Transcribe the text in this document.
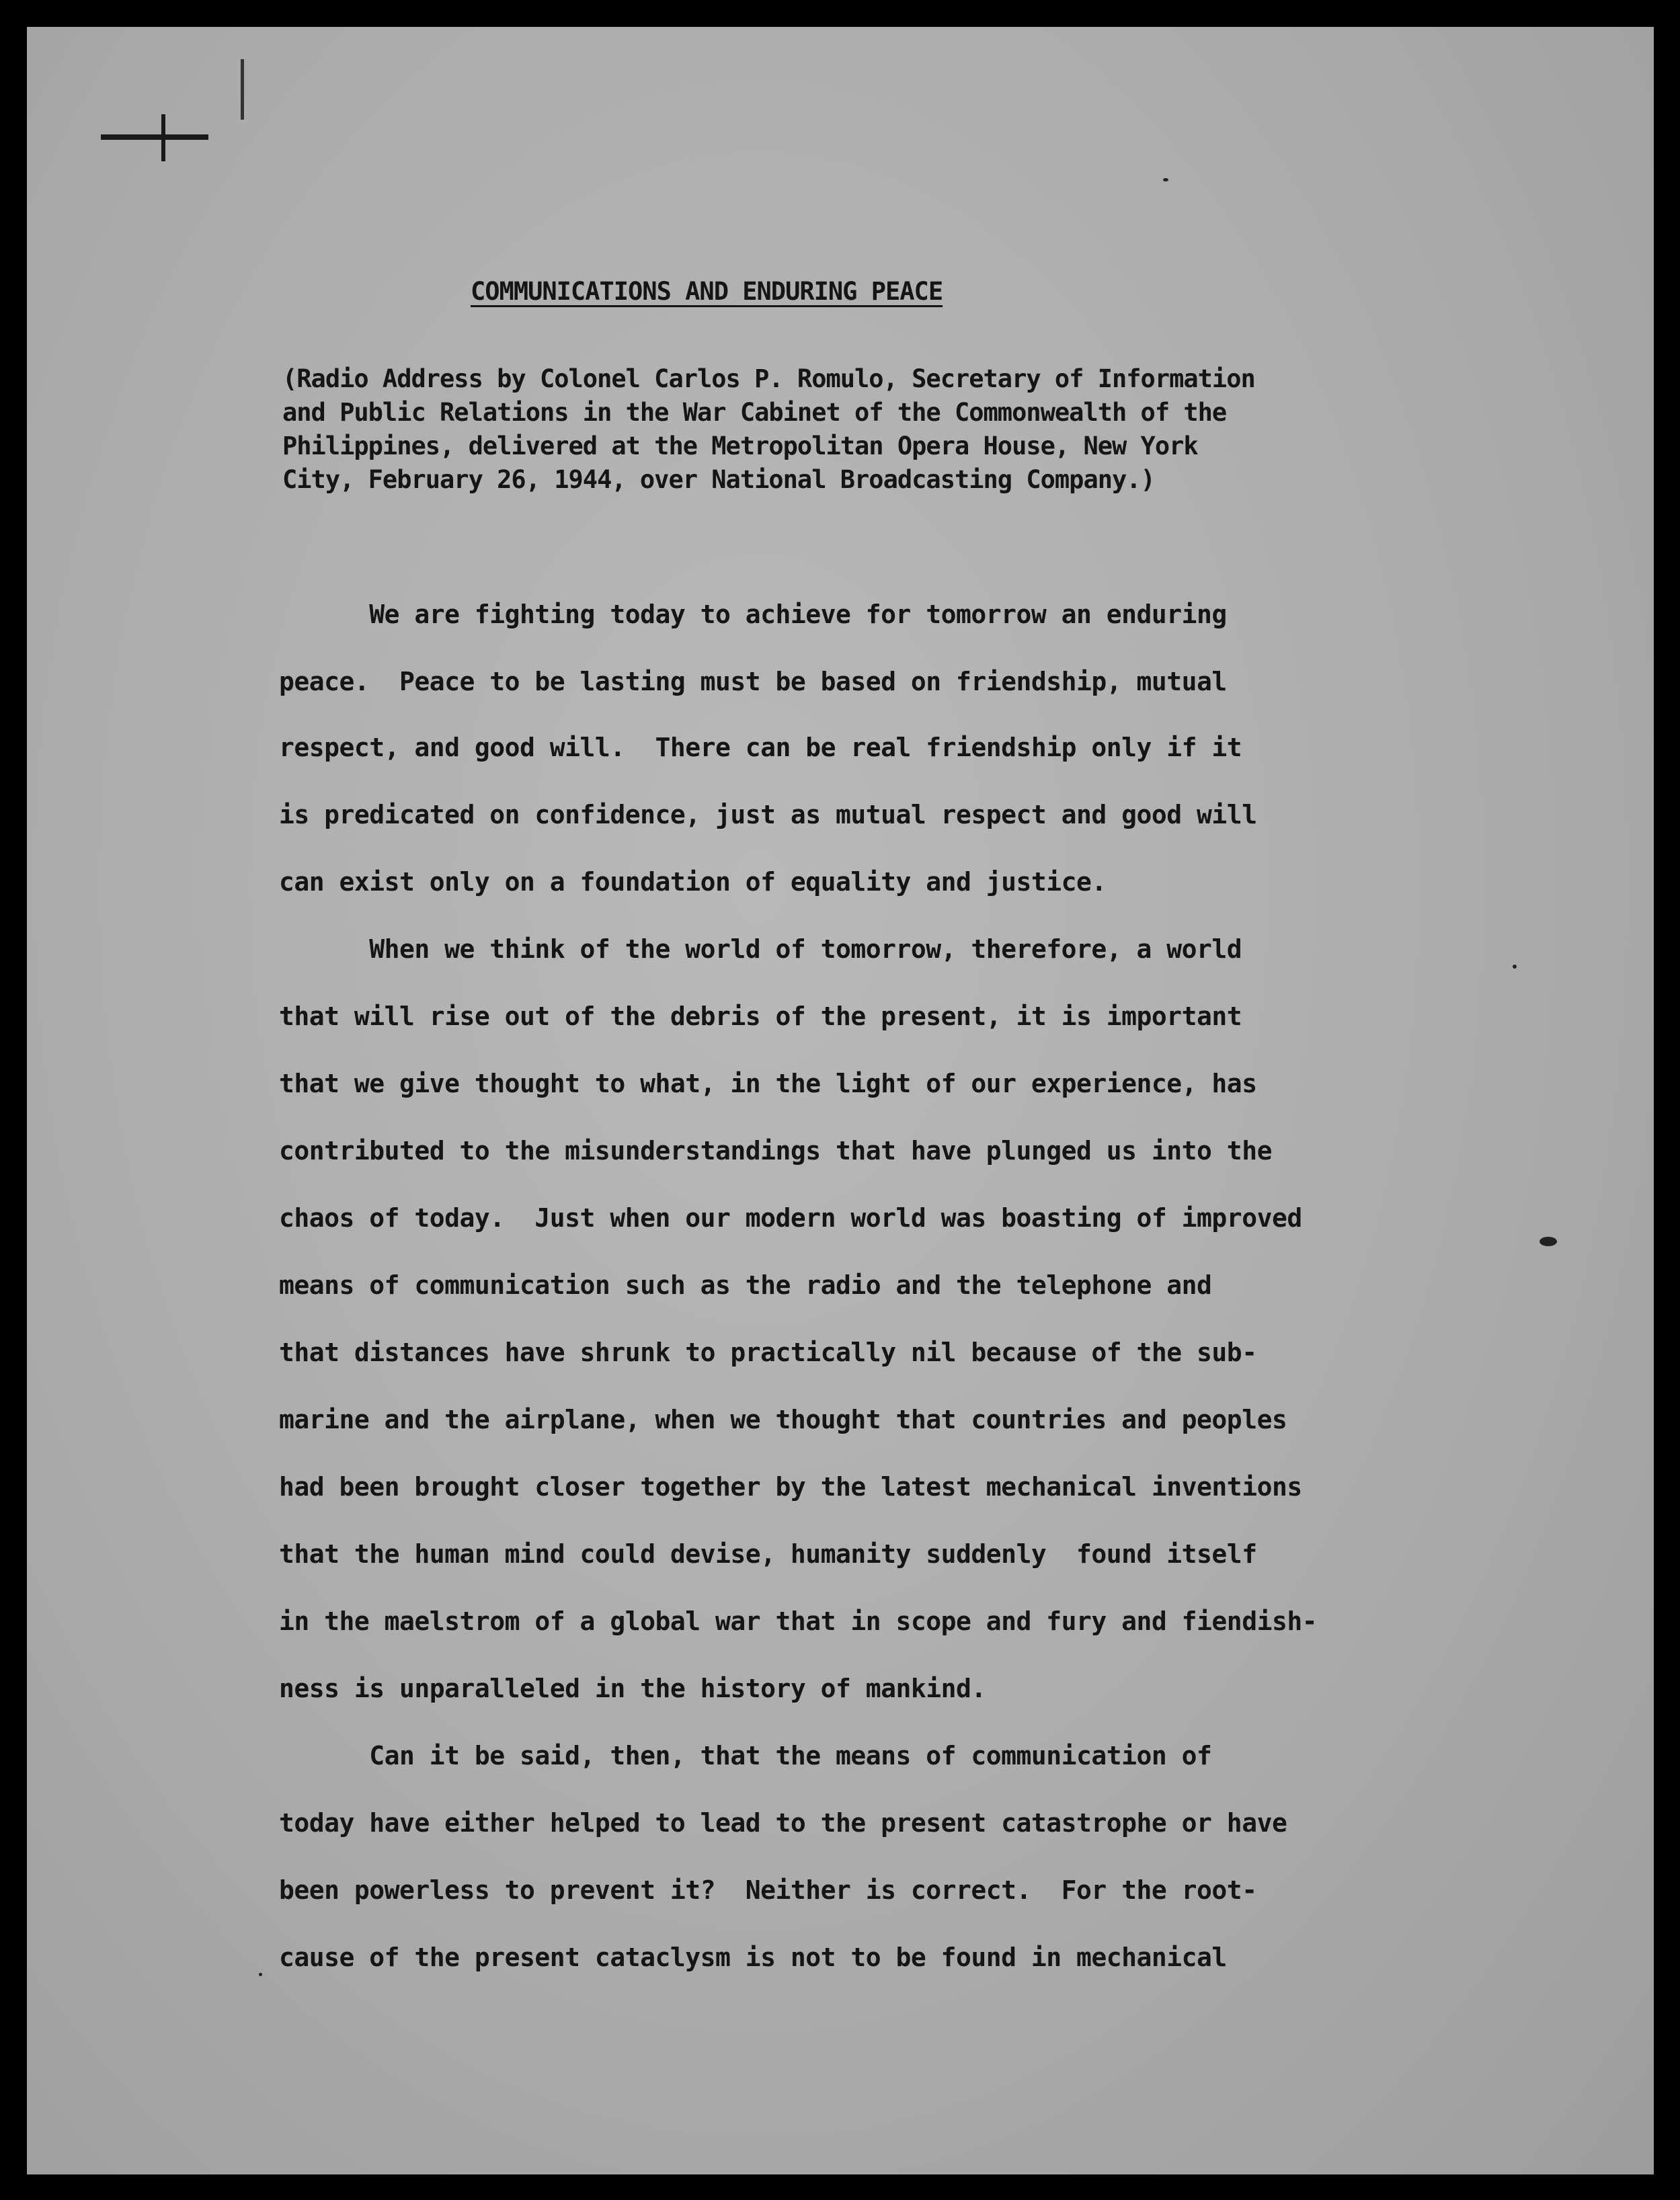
COMMUNICATIONS AND ENDURING PEACE
(Radio Address by Colonel Carlos P. Romulo, Secretary of Information
and Public Relations in the War Cabinet of the Commonwealth of the
Philippines, delivered at the Metropolitan Opera House, New York
City, February 26, 1944, over National Broadcasting Company.)
We are fighting today to achieve for tomorrow an enduring
peace.  Peace to be lasting must be based on friendship, mutual
respect, and good will.  There can be real friendship only if it
is predicated on confidence, just as mutual respect and good will
can exist only on a foundation of equality and justice.
When we think of the world of tomorrow, therefore, a world
that will rise out of the debris of the present, it is important
that we give thought to what, in the light of our experience, has
contributed to the misunderstandings that have plunged us into the
chaos of today.  Just when our modern world was boasting of improved
means of communication such as the radio and the telephone and
that distances have shrunk to practically nil because of the sub-
marine and the airplane, when we thought that countries and peoples
had been brought closer together by the latest mechanical inventions
that the human mind could devise, humanity suddenly  found itself
in the maelstrom of a global war that in scope and fury and fiendish-
ness is unparalleled in the history of mankind.
Can it be said, then, that the means of communication of
today have either helped to lead to the present catastrophe or have
been powerless to prevent it?  Neither is correct.  For the root-
cause of the present cataclysm is not to be found in mechanical
